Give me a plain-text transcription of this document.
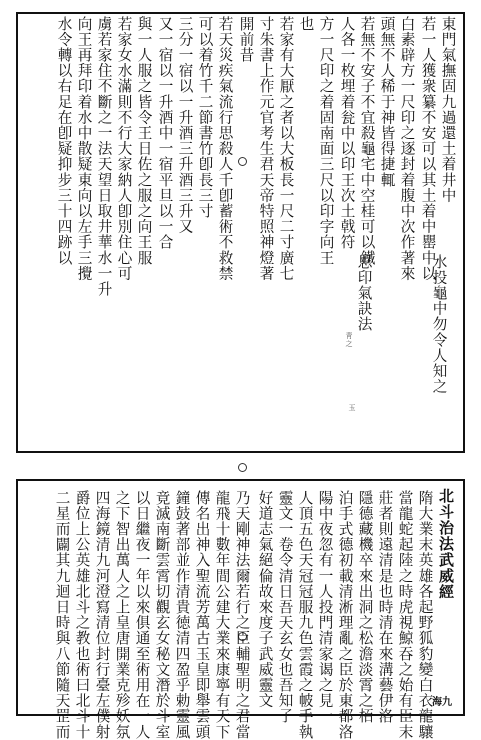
東門氣撫固九過還土着井中
若一人獲衆纂不安可以其土着中罌中以
白素辟方一尺印之逐封着腹中次作著來
頭無不人稀于神皆得捷輒
若無不安子不宜殺龜宅中空桂可以鐵
人各一枚埋着瓮中以印王次土戟符
方一尺印之着固南面三尺以印字向王
也
若家有大厭之者以大板長一尺二寸廣七
寸朱書上作元官考生君天帝特照神燈著
開前昔
若天災疾氣流行思殺人千卽蓄術不救禁
可以着竹千二節書竹卽長三寸
三分一宿以一升酒三升酒三升又
又一宿以一升酒中一宿平旦以一合
與一人服之皆令王日佐之服之向王服
若家女水滿則不行大家納人卽別住心可
虜若家住不斷之一法天望日取井華水一升
向王再拜印着水中散疑東向以左手三攪
水令轉以右足在卽疑抑步三十四跡以
思印氣訣法	水投龜中勿令人知之
靑之
玉
北斗治法武威經
隋大業末英雄各起野狐豹變白衣龍驤
當龍蛇起陸之時虎視鯨吞之始有臣末
莊者則遠清是也時清在來溝藝伊洛
隱德藏機卒來出洞之松澹淡霄之栢
泊手式德初載清淅理亂之臣於東都洛
陽中夜忽有一人投門清家谒之見一
人頂五色天冠冠服九色雲霞之帔手執
靈文一卷令清日吾天玄女也吾知子
好道志氣絕倫故來度子武威靈文
乃天剛神法爾若行之臣輔聖明之君當
龍飛十數年間公建大業來康寧有天下
傳名出神入聖流芳萬古玉皇即舉雲頭
鐘鼓著部並作清貴徳清四盈乎勅靈風
竟滅南斷雲霄切觀玄女秘文潛於斗室
以日繼夜一年以來俱通至術用在一人
之下智出萬人之上皇唐開業克殄妖氛
四海鏡清九河澄寫清位封行臺左僕射
爵位上公英雄北斗之教也術曰北斗十
二星而闢其九迴日時與八節隨天罡而	海九
